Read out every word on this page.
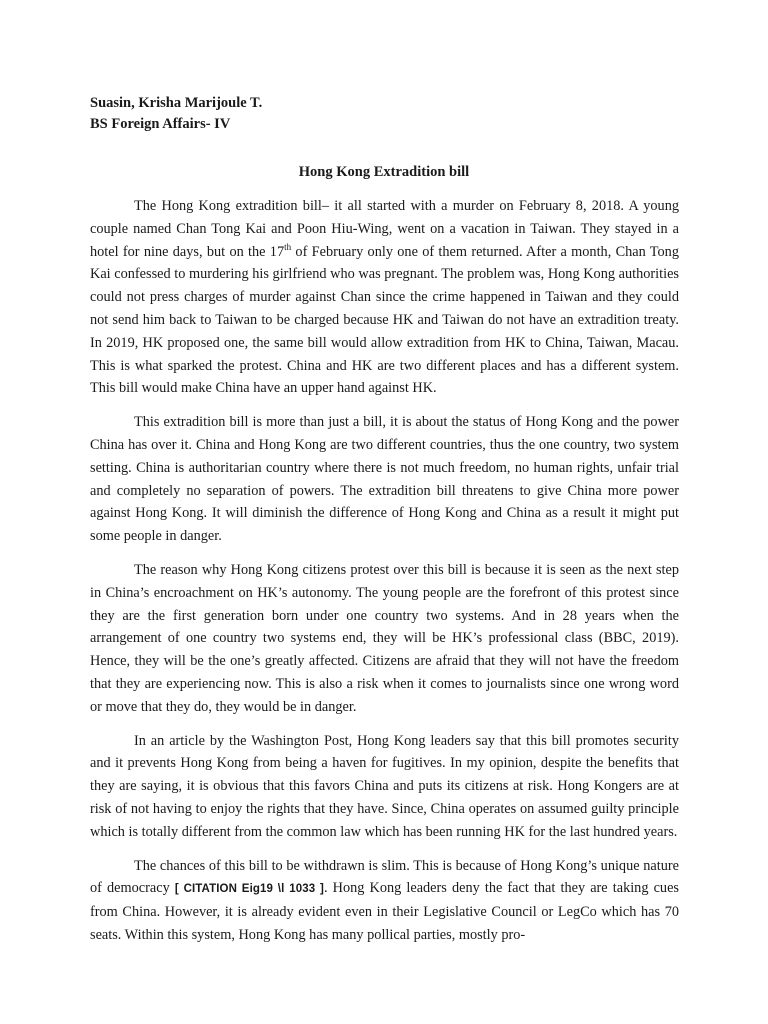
Suasin, Krisha Marijoule T.
BS Foreign Affairs- IV
Hong Kong Extradition bill

The Hong Kong extradition bill– it all started with a murder on February 8, 2018. A young couple named Chan Tong Kai and Poon Hiu-Wing, went on a vacation in Taiwan. They stayed in a hotel for nine days, but on the 17th of February only one of them returned. After a month, Chan Tong Kai confessed to murdering his girlfriend who was pregnant. The problem was, Hong Kong authorities could not press charges of murder against Chan since the crime happened in Taiwan and they could not send him back to Taiwan to be charged because HK and Taiwan do not have an extradition treaty. In 2019, HK proposed one, the same bill would allow extradition from HK to China, Taiwan, Macau. This is what sparked the protest. China and HK are two different places and has a different system. This bill would make China have an upper hand against HK.

This extradition bill is more than just a bill, it is about the status of Hong Kong and the power China has over it. China and Hong Kong are two different countries, thus the one country, two system setting. China is authoritarian country where there is not much freedom, no human rights, unfair trial and completely no separation of powers. The extradition bill threatens to give China more power against Hong Kong. It will diminish the difference of Hong Kong and China as a result it might put some people in danger.

The reason why Hong Kong citizens protest over this bill is because it is seen as the next step in China’s encroachment on HK’s autonomy. The young people are the forefront of this protest since they are the first generation born under one country two systems. And in 28 years when the arrangement of one country two systems end, they will be HK’s professional class (BBC, 2019). Hence, they will be the one’s greatly affected. Citizens are afraid that they will not have the freedom that they are experiencing now. This is also a risk when it comes to journalists since one wrong word or move that they do, they would be in danger.

In an article by the Washington Post, Hong Kong leaders say that this bill promotes security and it prevents Hong Kong from being a haven for fugitives. In my opinion, despite the benefits that they are saying, it is obvious that this favors China and puts its citizens at risk. Hong Kongers are at risk of not having to enjoy the rights that they have. Since, China operates on assumed guilty principle which is totally different from the common law which has been running HK for the last hundred years.

The chances of this bill to be withdrawn is slim. This is because of Hong Kong’s unique nature of democracy [ CITATION Eig19 \l 1033 ]. Hong Kong leaders deny the fact that they are taking cues from China. However, it is already evident even in their Legislative Council or LegCo which has 70 seats. Within this system, Hong Kong has many pollical parties, mostly pro-
